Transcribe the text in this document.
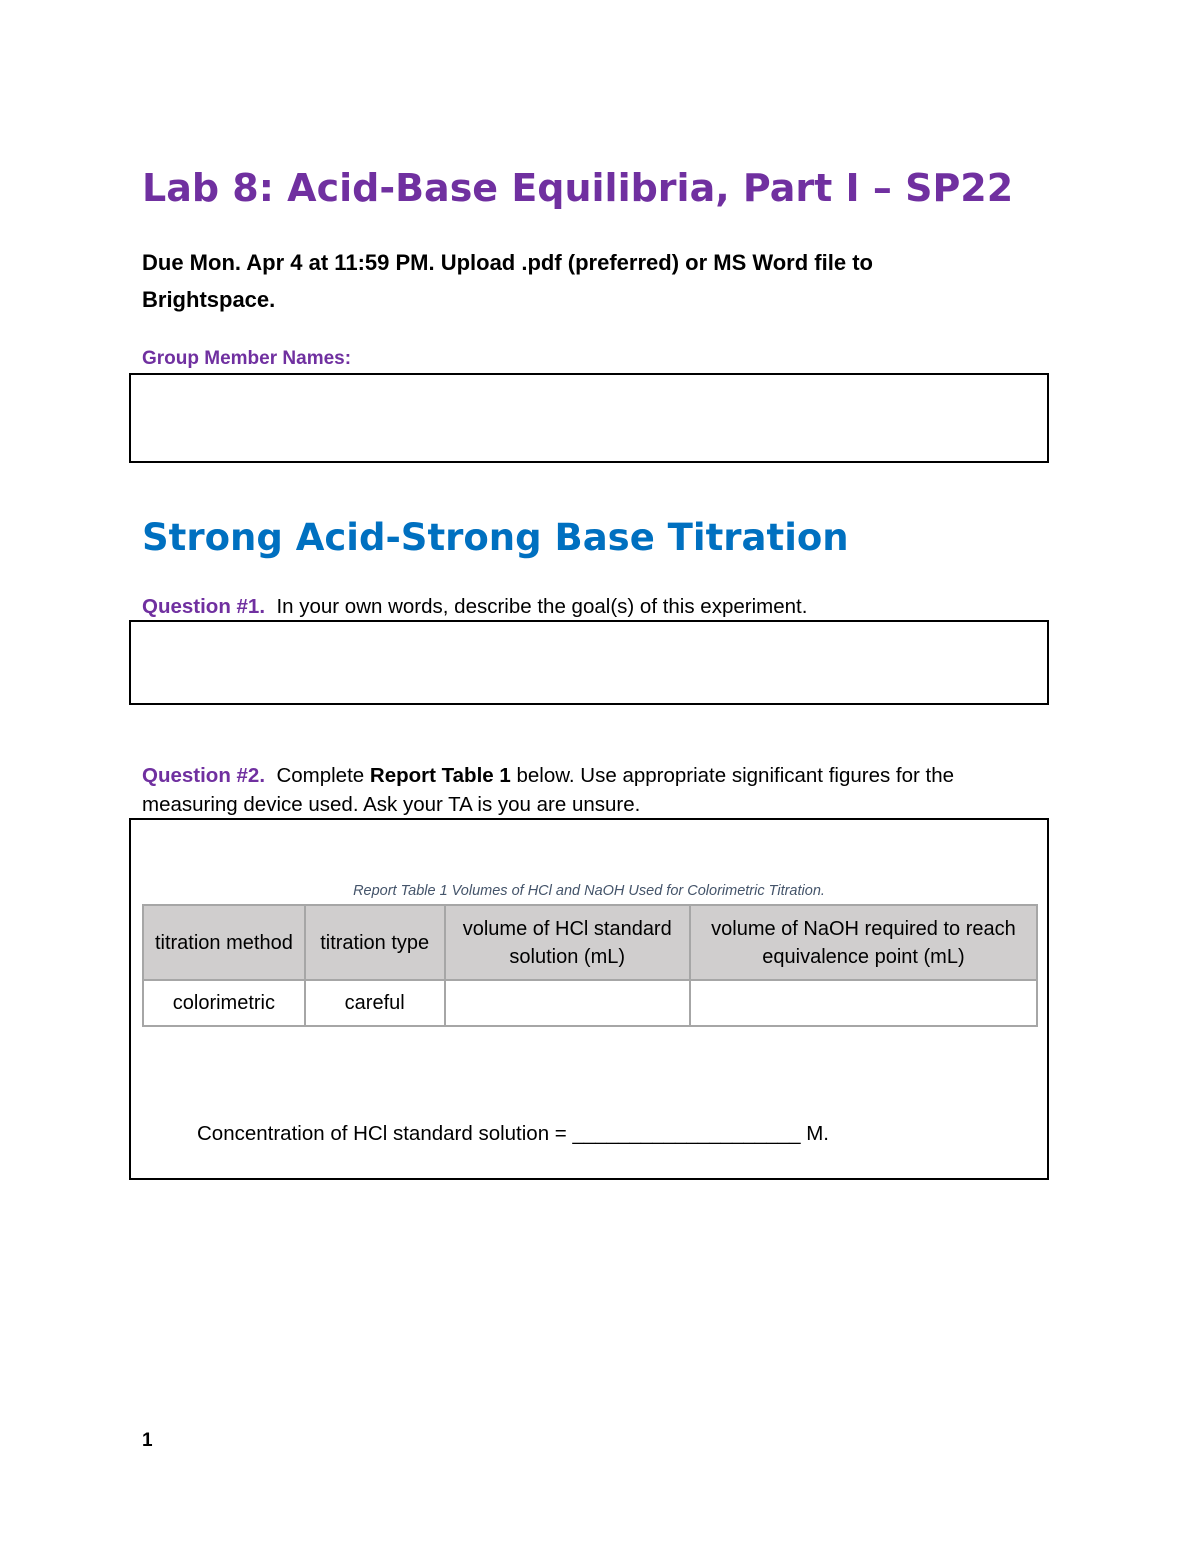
Lab 8: Acid-Base Equilibria, Part I – SP22
Due Mon. Apr 4 at 11:59 PM. Upload .pdf (preferred) or MS Word file to
Brightspace.
Group Member Names:
Strong Acid-Strong Base Titration
Question #1. In your own words, describe the goal(s) of this experiment.
Question #2. Complete Report Table 1 below. Use appropriate significant figures for the measuring device used. Ask your TA is you are unsure.
Report Table 1 Volumes of HCl and NaOH Used for Colorimetric Titration.
titration method	titration type	volume of HCl standard solution (mL)	volume of NaOH required to reach equivalence point (mL)
colorimetric	careful		
Concentration of HCl standard solution = ____________________ M.
1
